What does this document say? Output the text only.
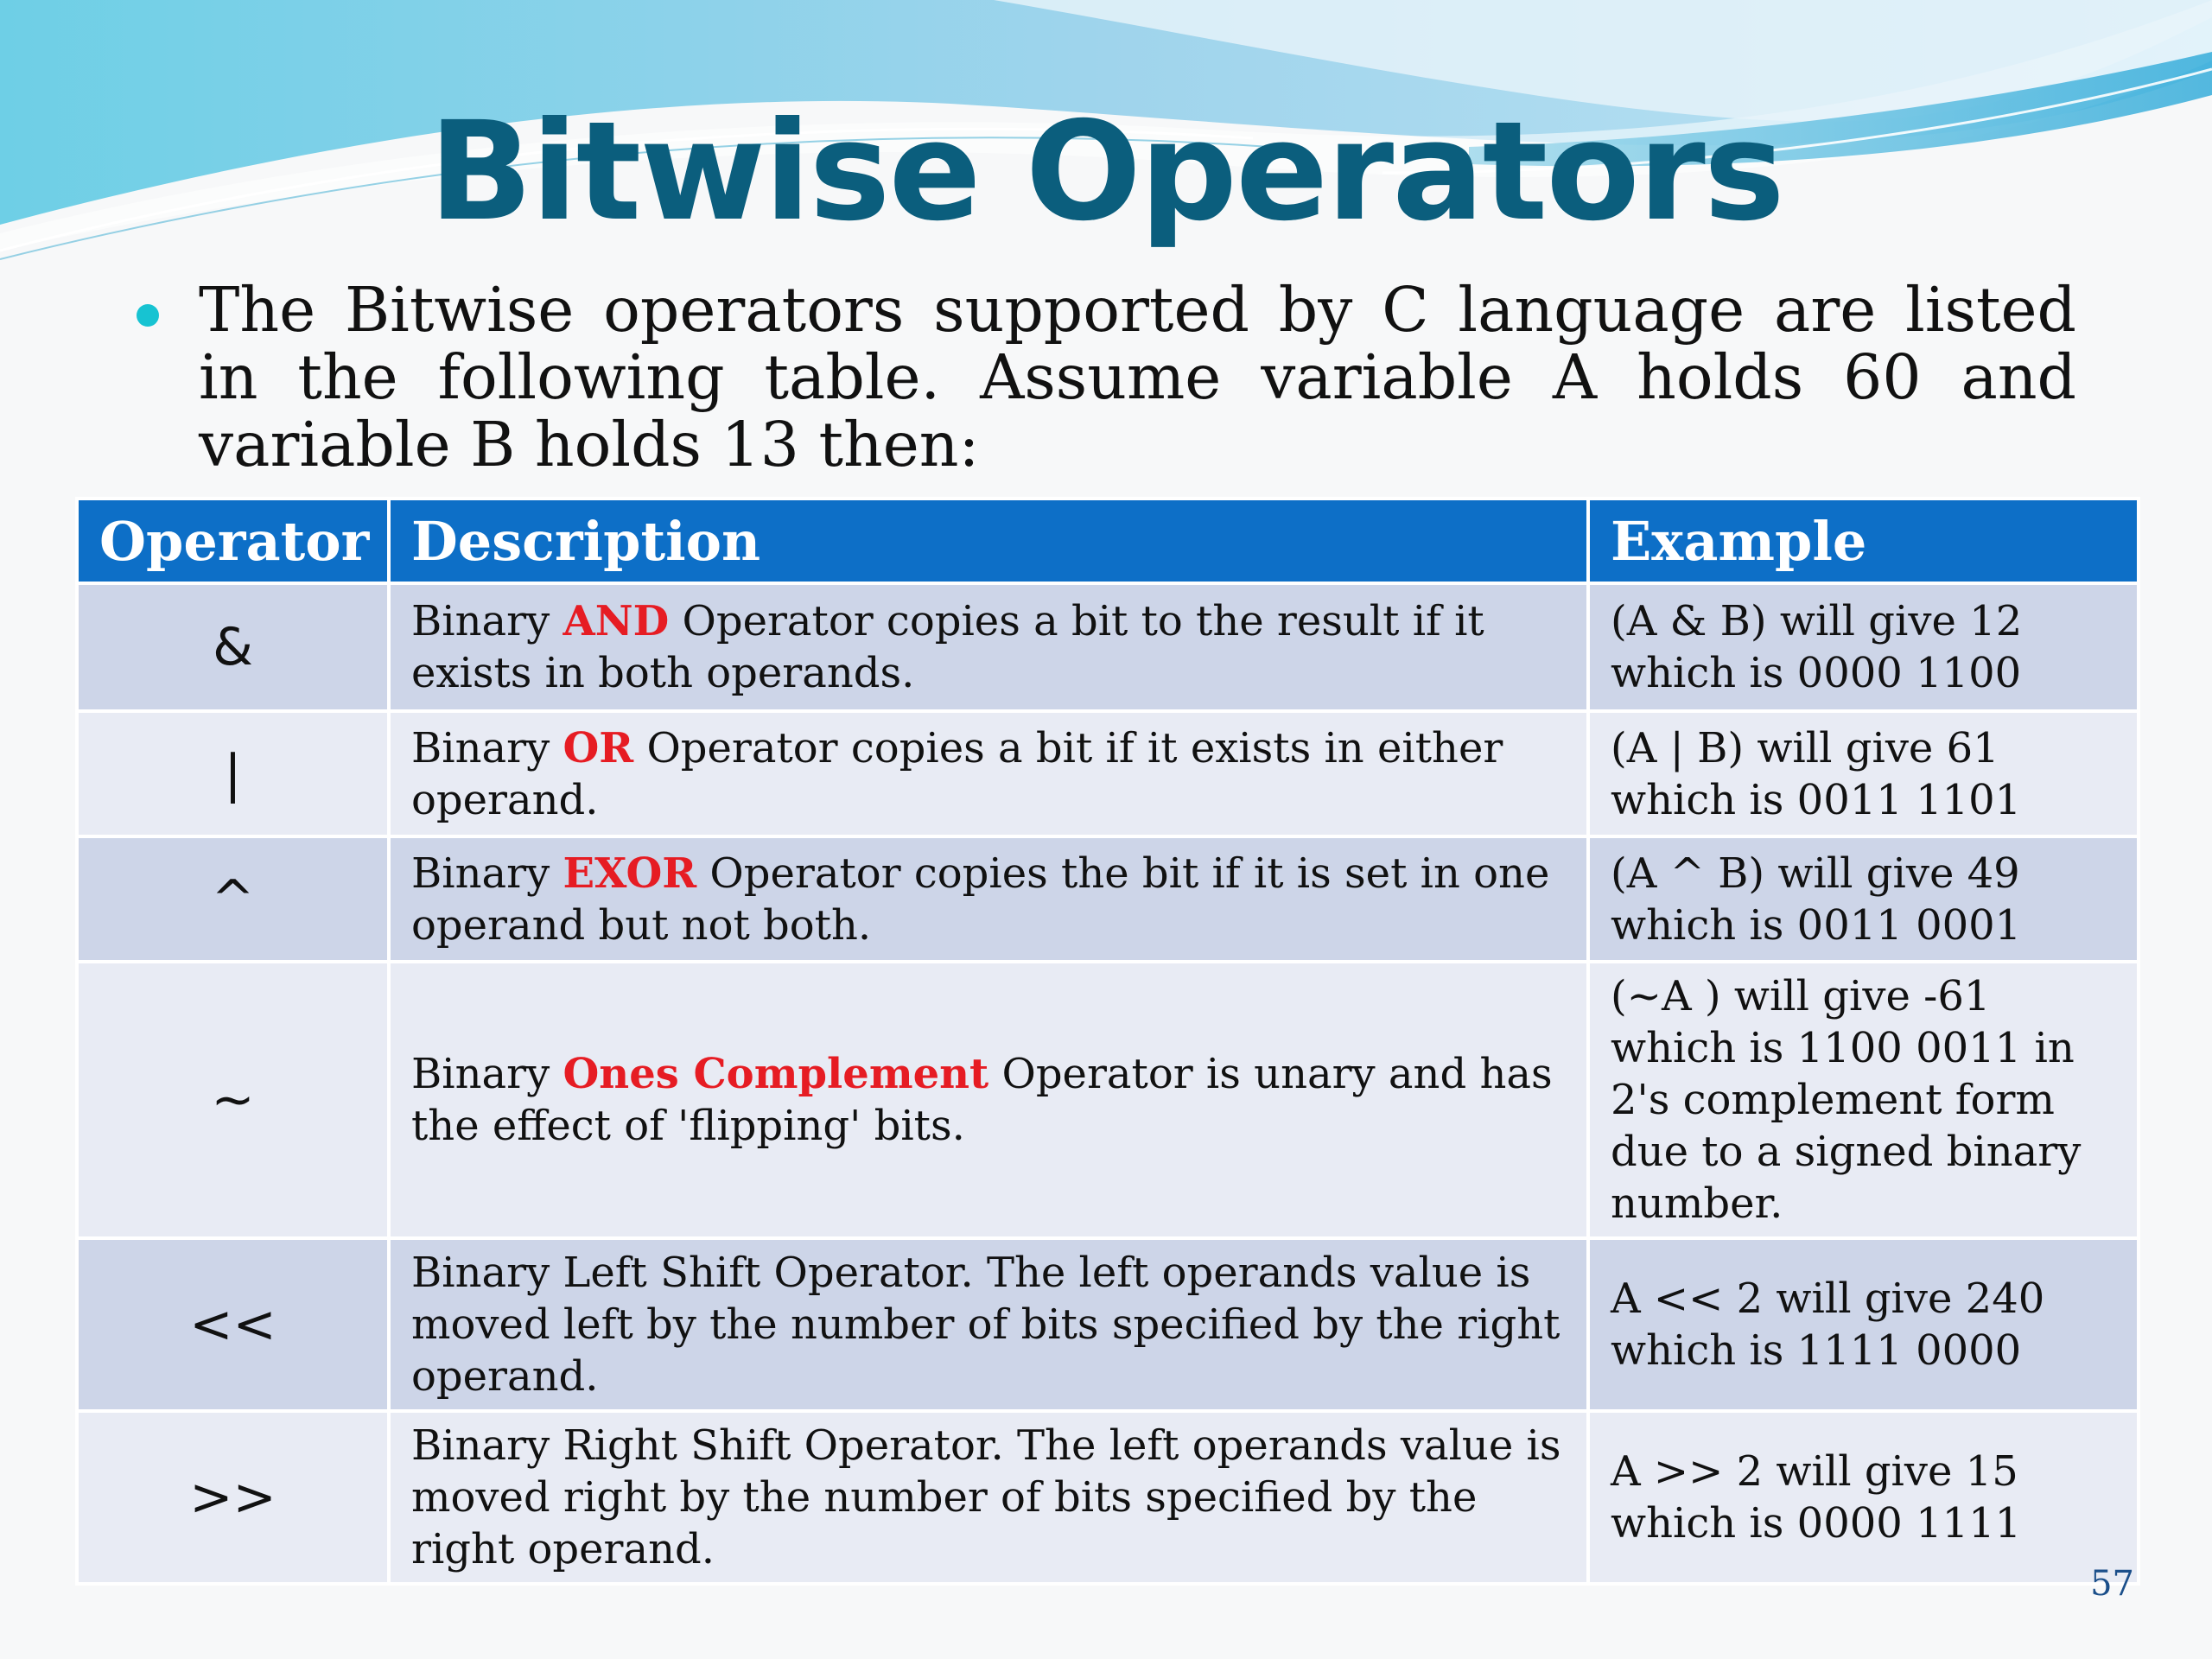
Bitwise Operators

The Bitwise operators supported by C language are listed in the following table. Assume variable A holds 60 and variable B holds 13 then:

Operator	Description	Example
&	Binary AND Operator copies a bit to the result if it exists in both operands.	(A & B) will give 12 which is 0000 1100
|	Binary OR Operator copies a bit if it exists in either operand.	(A | B) will give 61 which is 0011 1101
^	Binary EXOR Operator copies the bit if it is set in one operand but not both.	(A ^ B) will give 49 which is 0011 0001
~	Binary Ones Complement Operator is unary and has the effect of 'flipping' bits.	(~A ) will give -61 which is 1100 0011 in 2's complement form due to a signed binary number.
<<	Binary Left Shift Operator. The left operands value is moved left by the number of bits specified by the right operand.	A << 2 will give 240 which is 1111 0000
>>	Binary Right Shift Operator. The left operands value is moved right by the number of bits specified by the right operand.	A >> 2 will give 15 which is 0000 1111
57
